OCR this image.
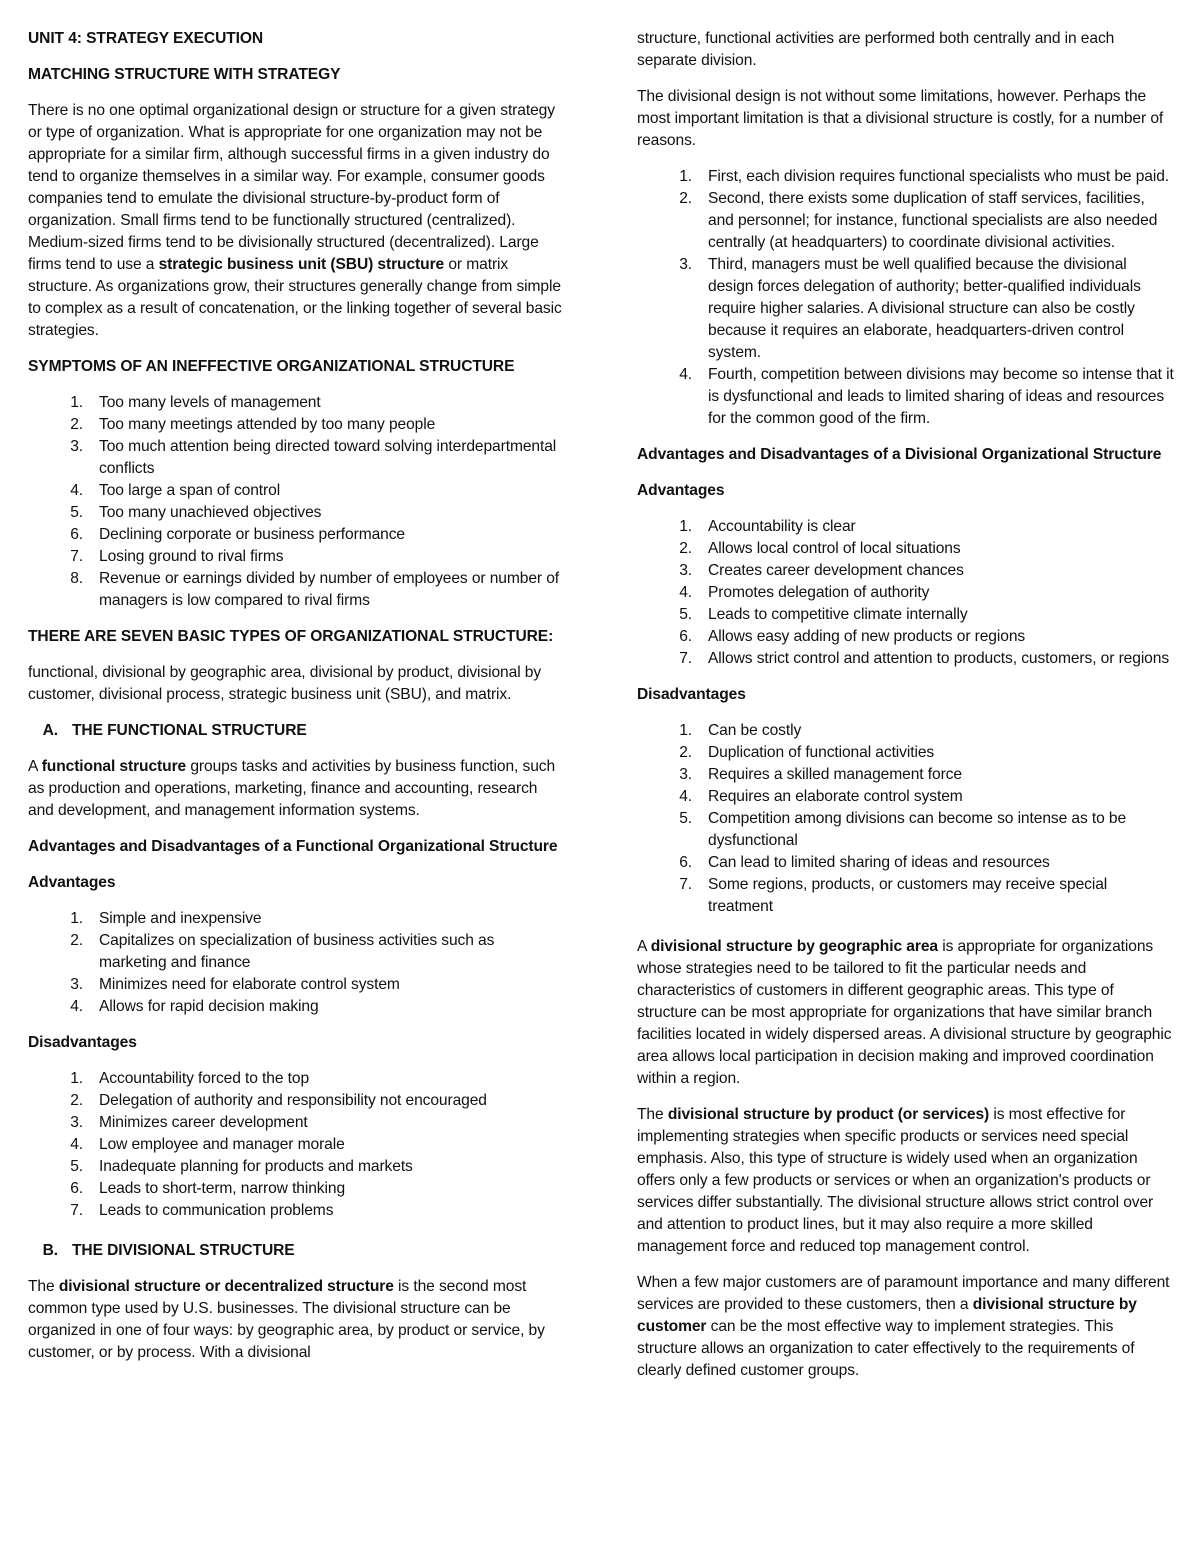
UNIT 4: STRATEGY EXECUTION
MATCHING STRUCTURE WITH STRATEGY

There is no one optimal organizational design or structure for a given strategy or type of organization. What is appropriate for one organization may not be appropriate for a similar firm, although successful firms in a given industry do tend to organize themselves in a similar way. For example, consumer goods companies tend to emulate the divisional structure-by-product form of organization. Small firms tend to be functionally structured (centralized). Medium-sized firms tend to be divisionally structured (decentralized). Large firms tend to use a strategic business unit (SBU) structure or matrix structure. As organizations grow, their structures generally change from simple to complex as a result of concatenation, or the linking together of several basic strategies.

SYMPTOMS OF AN INEFFECTIVE ORGANIZATIONAL STRUCTURE
1.	Too many levels of management
2.	Too many meetings attended by too many people
3.	Too much attention being directed toward solving interdepartmental conflicts
4.	Too large a span of control
5.	Too many unachieved objectives
6.	Declining corporate or business performance
7.	Losing ground to rival firms
8.	Revenue or earnings divided by number of employees or number of managers is low compared to rival firms
THERE ARE SEVEN BASIC TYPES OF ORGANIZATIONAL STRUCTURE:

functional, divisional by geographic area, divisional by product, divisional by customer, divisional process, strategic business unit (SBU), and matrix.

A. THE FUNCTIONAL STRUCTURE

A functional structure groups tasks and activities by business function, such as production and operations, marketing, finance and accounting, research and development, and management information systems.

Advantages and Disadvantages of a Functional Organizational Structure
Advantages
1.	Simple and inexpensive
2.	Capitalizes on specialization of business activities such as marketing and finance
3.	Minimizes need for elaborate control system
4.	Allows for rapid decision making
Disadvantages
1.	Accountability forced to the top
2.	Delegation of authority and responsibility not encouraged
3.	Minimizes career development
4.	Low employee and manager morale
5.	Inadequate planning for products and markets
6.	Leads to short-term, narrow thinking
7.	Leads to communication problems
B. THE DIVISIONAL STRUCTURE

The divisional structure or decentralized structure is the second most common type used by U.S. businesses. The divisional structure can be organized in one of four ways: by geographic area, by product or service, by customer, or by process. With a divisional

structure, functional activities are performed both centrally and in each separate division.

The divisional design is not without some limitations, however. Perhaps the most important limitation is that a divisional structure is costly, for a number of reasons.

1.	First, each division requires functional specialists who must be paid.
2.	Second, there exists some duplication of staff services, facilities, and personnel; for instance, functional specialists are also needed centrally (at headquarters) to coordinate divisional activities.
3.	Third, managers must be well qualified because the divisional design forces delegation of authority; better-qualified individuals require higher salaries. A divisional structure can also be costly because it requires an elaborate, headquarters-driven control system.
4.	Fourth, competition between divisions may become so intense that it is dysfunctional and leads to limited sharing of ideas and resources for the common good of the firm.
Advantages and Disadvantages of a Divisional Organizational Structure
Advantages
1.	Accountability is clear
2.	Allows local control of local situations
3.	Creates career development chances
4.	Promotes delegation of authority
5.	Leads to competitive climate internally
6.	Allows easy adding of new products or regions
7.	Allows strict control and attention to products, customers, or regions
Disadvantages
1.	Can be costly
2.	Duplication of functional activities
3.	Requires a skilled management force
4.	Requires an elaborate control system
5.	Competition among divisions can become so intense as to be dysfunctional
6.	Can lead to limited sharing of ideas and resources
7.	Some regions, products, or customers may receive special treatment

A divisional structure by geographic area is appropriate for organizations whose strategies need to be tailored to fit the particular needs and characteristics of customers in different geographic areas. This type of structure can be most appropriate for organizations that have similar branch facilities located in widely dispersed areas. A divisional structure by geographic area allows local participation in decision making and improved coordination within a region.

The divisional structure by product (or services) is most effective for implementing strategies when specific products or services need special emphasis. Also, this type of structure is widely used when an organization offers only a few products or services or when an organization's products or services differ substantially. The divisional structure allows strict control over and attention to product lines, but it may also require a more skilled management force and reduced top management control.

When a few major customers are of paramount importance and many different services are provided to these customers, then a divisional structure by customer can be the most effective way to implement strategies. This structure allows an organization to cater effectively to the requirements of clearly defined customer groups.
